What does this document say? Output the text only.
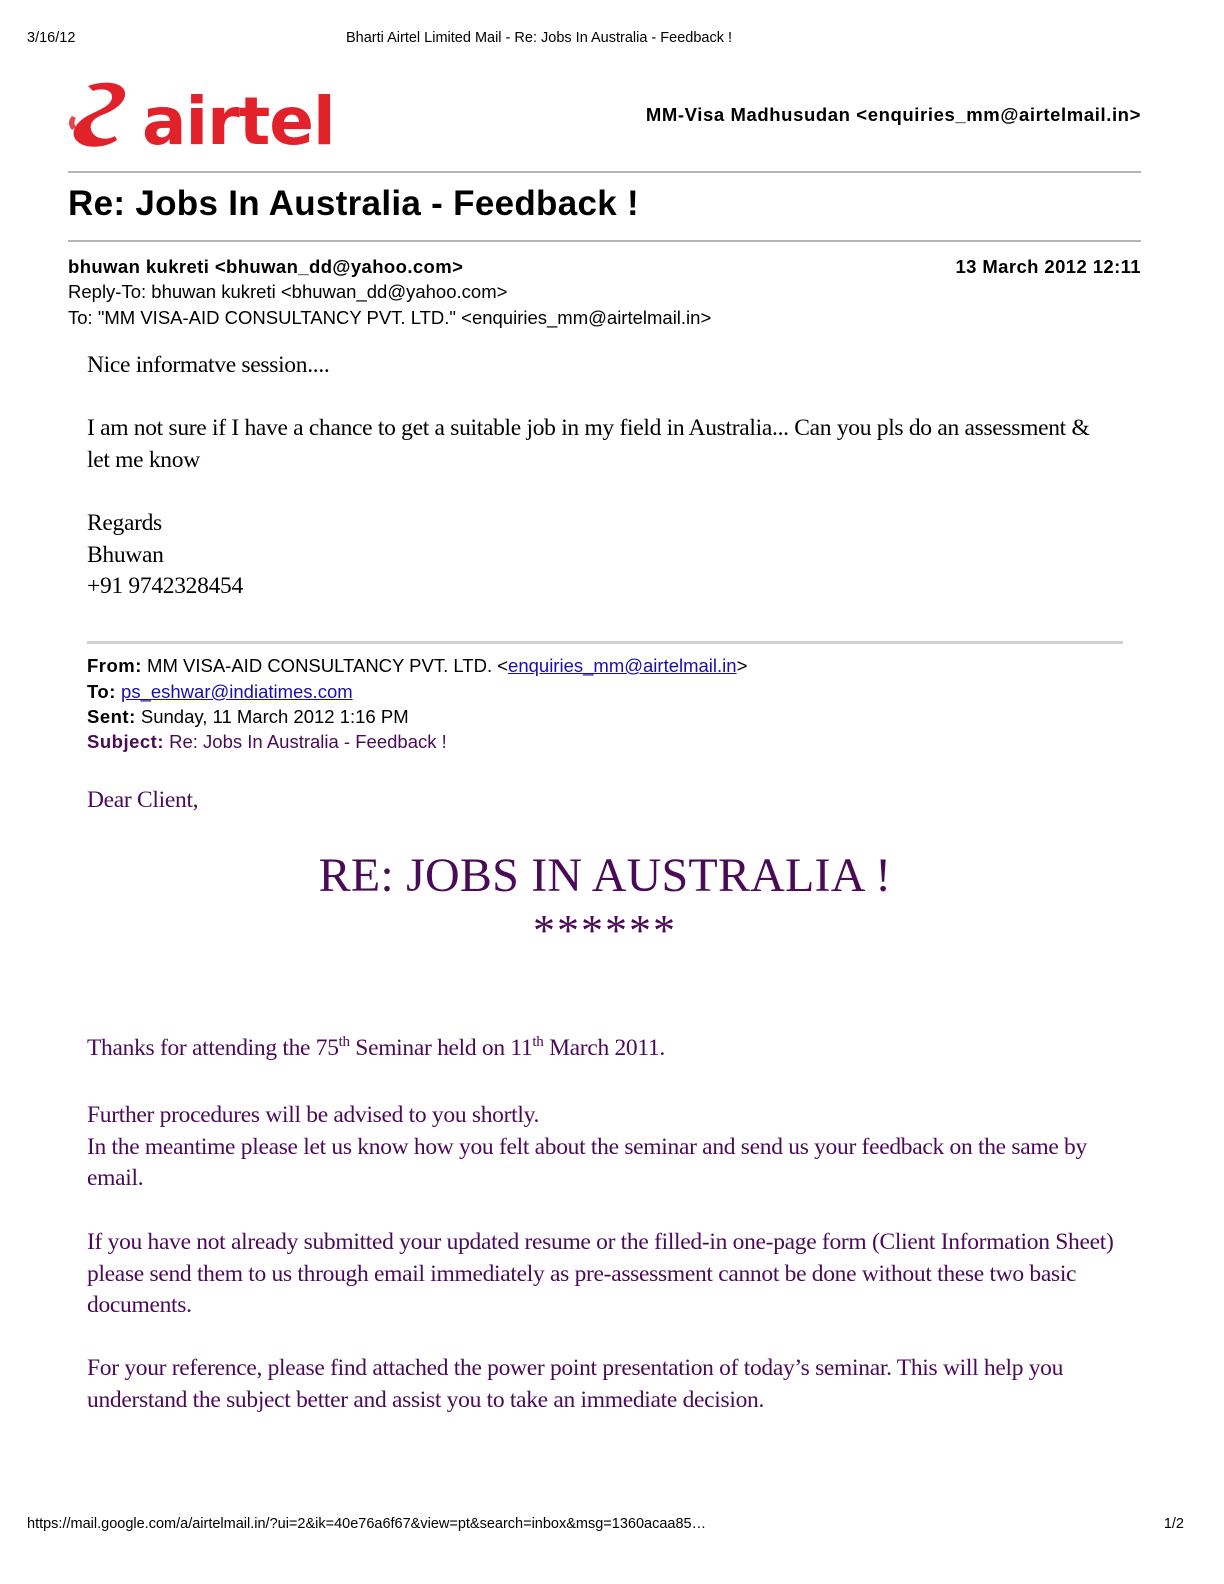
3/16/12	Bharti Airtel Limited Mail - Re: Jobs In Australia - Feedback !
airtel	MM-Visa Madhusudan <enquiries_mm@airtelmail.in>
Re: Jobs In Australia - Feedback !
bhuwan kukreti <bhuwan_dd@yahoo.com>	13 March 2012 12:11
Reply-To: bhuwan kukreti <bhuwan_dd@yahoo.com>
To: "MM VISA-AID CONSULTANCY PVT. LTD." <enquiries_mm@airtelmail.in>
Nice informatve session....
I am not sure if I have a chance to get a suitable job in my field in Australia... Can you pls do an assessment & let me know
Regards
Bhuwan
+91 9742328454
From: MM VISA-AID CONSULTANCY PVT. LTD. <enquiries_mm@airtelmail.in>
To: ps_eshwar@indiatimes.com
Sent: Sunday, 11 March 2012 1:16 PM
Subject: Re: Jobs In Australia - Feedback !
Dear Client,
RE: JOBS IN AUSTRALIA !
******
Thanks for attending the 75th Seminar held on 11th March 2011.
Further procedures will be advised to you shortly.
In the meantime please let us know how you felt about the seminar and send us your feedback on the same by email.
If you have not already submitted your updated resume or the filled-in one-page form (Client Information Sheet) please send them to us through email immediately as pre-assessment cannot be done without these two basic documents.
For your reference, please find attached the power point presentation of today’s seminar. This will help you understand the subject better and assist you to take an immediate decision.
https://mail.google.com/a/airtelmail.in/?ui=2&ik=40e76a6f67&view=pt&search=inbox&msg=1360acaa85…	1/2
